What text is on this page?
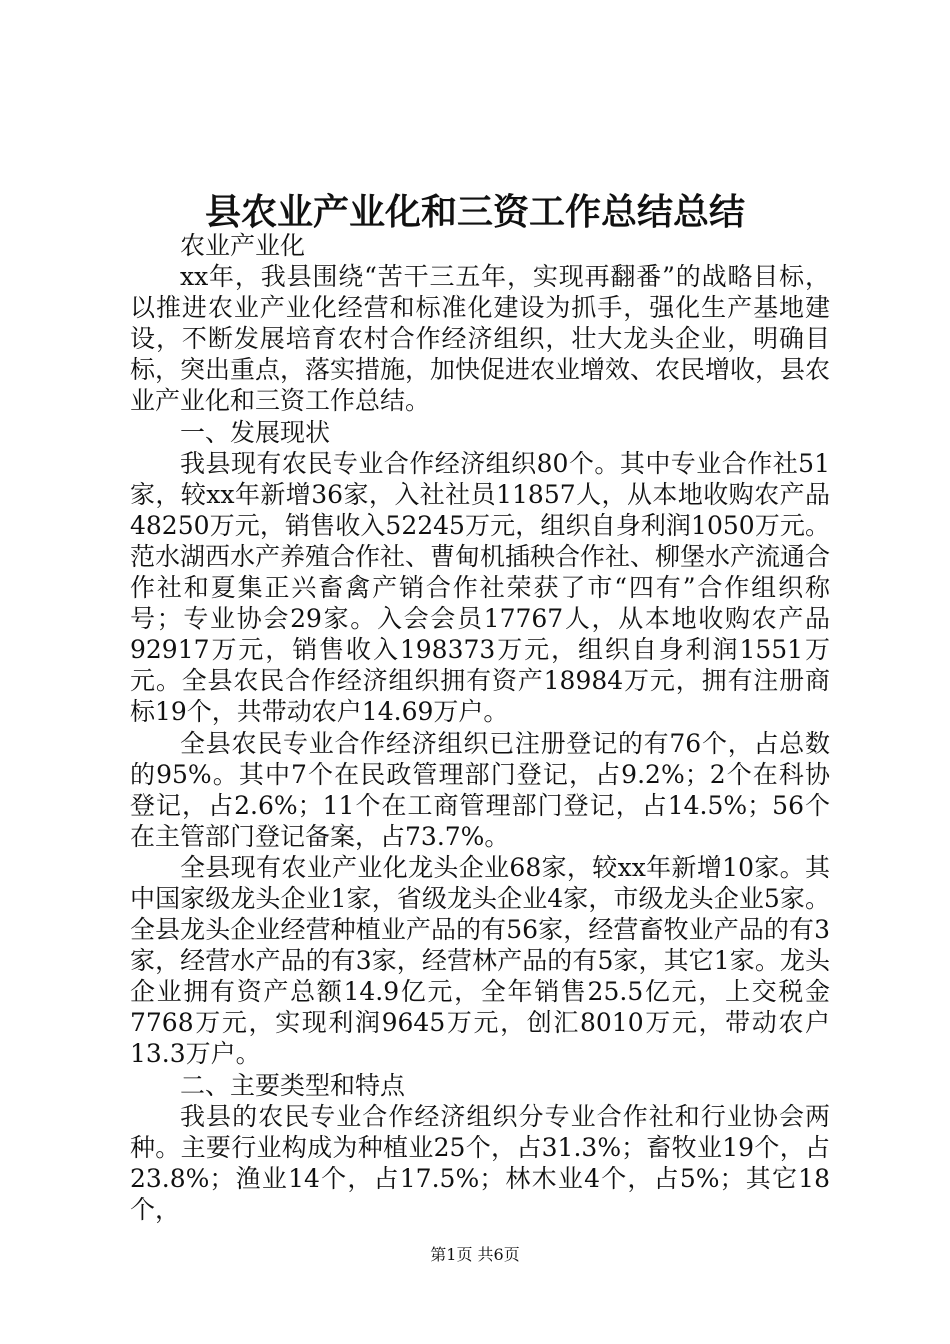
县农业产业化和三资工作总结总结

农业产业化

xx年，我县围绕“苦干三五年，实现再翻番”的战略目标，以推进农业产业化经营和标准化建设为抓手，强化生产基地建设，不断发展培育农村合作经济组织，壮大龙头企业，明确目标，突出重点，落实措施，加快促进农业增效、农民增收，县农业产业化和三资工作总结。

一、发展现状

我县现有农民专业合作经济组织80个。其中专业合作社51家，较xx年新增36家，入社社员11857人，从本地收购农产品48250万元，销售收入52245万元，组织自身利润1050万元。范水湖西水产养殖合作社、曹甸机插秧合作社、柳堡水产流通合作社和夏集正兴畜禽产销合作社荣获了市“四有”合作组织称号；专业协会29家。入会会员17767人，从本地收购农产品92917万元，销售收入198373万元，组织自身利润1551万元。全县农民合作经济组织拥有资产18984万元，拥有注册商标19个，共带动农户14.69万户。

全县农民专业合作经济组织已注册登记的有76个，占总数的95%。其中7个在民政管理部门登记，占9.2%；2个在科协登记，占2.6%；11个在工商管理部门登记，占14.5%；56个在主管部门登记备案，占73.7%。

全县现有农业产业化龙头企业68家，较xx年新增10家。其中国家级龙头企业1家，省级龙头企业4家，市级龙头企业5家。全县龙头企业经营种植业产品的有56家，经营畜牧业产品的有3家，经营水产品的有3家，经营林产品的有5家，其它1家。龙头企业拥有资产总额14.9亿元，全年销售25.5亿元，上交税金7768万元，实现利润9645万元，创汇8010万元，带动农户13.3万户。

二、主要类型和特点

我县的农民专业合作经济组织分专业合作社和行业协会两种。主要行业构成为种植业25个，占31.3%；畜牧业19个，占23.8%；渔业14个，占17.5%；林木业4个，占5%；其它18个，

第1页 共6页
